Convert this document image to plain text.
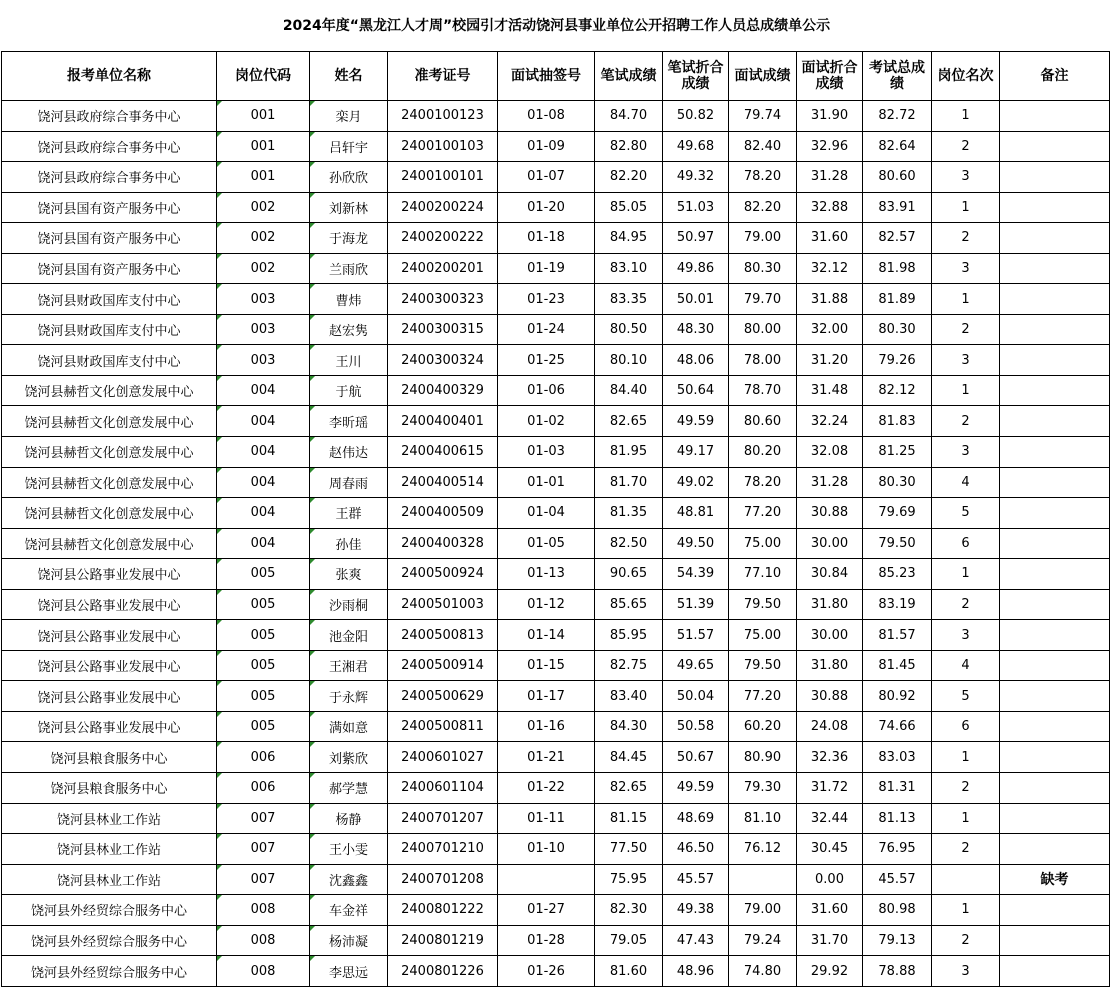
2024年度“黑龙江人才周”校园引才活动饶河县事业单位公开招聘工作人员总成绩单公示
报考单位名称	岗位代码	姓名	准考证号	面试抽签号	笔试成绩	笔试折合成绩	面试成绩	面试折合成绩	考试总成绩	岗位名次	备注
饶河县政府综合事务中心	001	栾月	2400100123	01-08	84.70	50.82	79.74	31.90	82.72	1	
饶河县政府综合事务中心	001	吕轩宇	2400100103	01-09	82.80	49.68	82.40	32.96	82.64	2	
饶河县政府综合事务中心	001	孙欣欣	2400100101	01-07	82.20	49.32	78.20	31.28	80.60	3	
饶河县国有资产服务中心	002	刘新林	2400200224	01-20	85.05	51.03	82.20	32.88	83.91	1	
饶河县国有资产服务中心	002	于海龙	2400200222	01-18	84.95	50.97	79.00	31.60	82.57	2	
饶河县国有资产服务中心	002	兰雨欣	2400200201	01-19	83.10	49.86	80.30	32.12	81.98	3	
饶河县财政国库支付中心	003	曹炜	2400300323	01-23	83.35	50.01	79.70	31.88	81.89	1	
饶河县财政国库支付中心	003	赵宏隽	2400300315	01-24	80.50	48.30	80.00	32.00	80.30	2	
饶河县财政国库支付中心	003	王川	2400300324	01-25	80.10	48.06	78.00	31.20	79.26	3	
饶河县赫哲文化创意发展中心	004	于航	2400400329	01-06	84.40	50.64	78.70	31.48	82.12	1	
饶河县赫哲文化创意发展中心	004	李昕瑶	2400400401	01-02	82.65	49.59	80.60	32.24	81.83	2	
饶河县赫哲文化创意发展中心	004	赵伟达	2400400615	01-03	81.95	49.17	80.20	32.08	81.25	3	
饶河县赫哲文化创意发展中心	004	周春雨	2400400514	01-01	81.70	49.02	78.20	31.28	80.30	4	
饶河县赫哲文化创意发展中心	004	王群	2400400509	01-04	81.35	48.81	77.20	30.88	79.69	5	
饶河县赫哲文化创意发展中心	004	孙佳	2400400328	01-05	82.50	49.50	75.00	30.00	79.50	6	
饶河县公路事业发展中心	005	张爽	2400500924	01-13	90.65	54.39	77.10	30.84	85.23	1	
饶河县公路事业发展中心	005	沙雨桐	2400501003	01-12	85.65	51.39	79.50	31.80	83.19	2	
饶河县公路事业发展中心	005	池金阳	2400500813	01-14	85.95	51.57	75.00	30.00	81.57	3	
饶河县公路事业发展中心	005	王湘君	2400500914	01-15	82.75	49.65	79.50	31.80	81.45	4	
饶河县公路事业发展中心	005	于永辉	2400500629	01-17	83.40	50.04	77.20	30.88	80.92	5	
饶河县公路事业发展中心	005	满如意	2400500811	01-16	84.30	50.58	60.20	24.08	74.66	6	
饶河县粮食服务中心	006	刘紫欣	2400601027	01-21	84.45	50.67	80.90	32.36	83.03	1	
饶河县粮食服务中心	006	郝学慧	2400601104	01-22	82.65	49.59	79.30	31.72	81.31	2	
饶河县林业工作站	007	杨静	2400701207	01-11	81.15	48.69	81.10	32.44	81.13	1	
饶河县林业工作站	007	王小雯	2400701210	01-10	77.50	46.50	76.12	30.45	76.95	2	
饶河县林业工作站	007	沈鑫鑫	2400701208		75.95	45.57		0.00	45.57		缺考
饶河县外经贸综合服务中心	008	车金祥	2400801222	01-27	82.30	49.38	79.00	31.60	80.98	1	
饶河县外经贸综合服务中心	008	杨沛凝	2400801219	01-28	79.05	47.43	79.24	31.70	79.13	2	
饶河县外经贸综合服务中心	008	李思远	2400801226	01-26	81.60	48.96	74.80	29.92	78.88	3	
